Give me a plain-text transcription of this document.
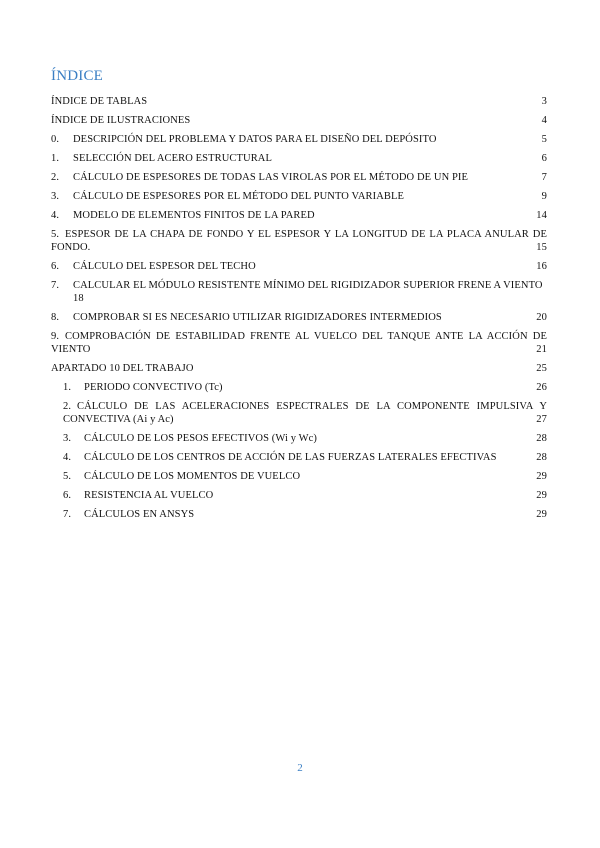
ÍNDICE
ÍNDICE DE TABLAS	3
ÍNDICE DE ILUSTRACIONES	4
0. DESCRIPCIÓN DEL PROBLEMA Y DATOS PARA EL DISEÑO DEL DEPÓSITO	5
1. SELECCIÓN DEL ACERO ESTRUCTURAL	6
2. CÁLCULO DE ESPESORES DE TODAS LAS VIROLAS POR EL MÉTODO DE UN PIE	7
3. CÁLCULO DE ESPESORES POR EL MÉTODO DEL PUNTO VARIABLE	9
4. MODELO DE ELEMENTOS FINITOS DE LA PARED	14
5. ESPESOR DE LA CHAPA DE FONDO Y EL ESPESOR Y LA LONGITUD DE LA PLACA ANULAR DE FONDO.	15
6. CÁLCULO DEL ESPESOR DEL TECHO	16
7. CALCULAR EL MÓDULO RESISTENTE MÍNIMO DEL RIGIDIZADOR SUPERIOR FRENE A VIENTO
18
8. COMPROBAR SI ES NECESARIO UTILIZAR RIGIDIZADORES INTERMEDIOS	20
9. COMPROBACIÓN DE ESTABILIDAD FRENTE AL VUELCO DEL TANQUE ANTE LA ACCIÓN DE VIENTO	21
APARTADO 10 DEL TRABAJO	25
1. PERIODO CONVECTIVO (Tc)	26
2. CÁLCULO DE LAS ACELERACIONES ESPECTRALES DE LA COMPONENTE IMPULSIVA Y CONVECTIVA (Ai y Ac)	27
3. CÁLCULO DE LOS PESOS EFECTIVOS (Wi y Wc)	28
4. CÁLCULO DE LOS CENTROS DE ACCIÓN DE LAS FUERZAS LATERALES EFECTIVAS	28
5. CÁLCULO DE LOS MOMENTOS DE VUELCO	29
6. RESISTENCIA AL VUELCO	29
7. CÁLCULOS EN ANSYS	29
2
